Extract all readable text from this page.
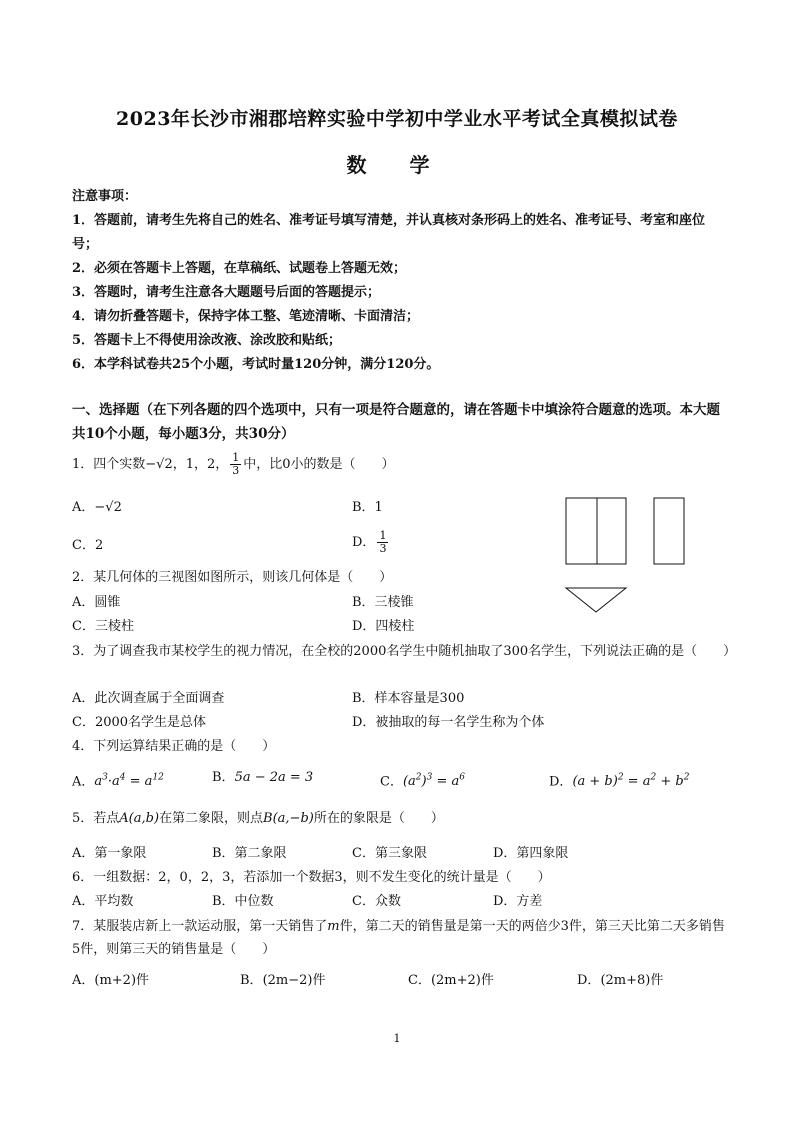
2023年长沙市湘郡培粹实验中学初中学业水平考试全真模拟试卷
数 学
注意事项：
1．答题前，请考生先将自己的姓名、准考证号填写清楚，并认真核对条形码上的姓名、准考证号、考室和座位号；
2．必须在答题卡上答题，在草稿纸、试题卷上答题无效；
3．答题时，请考生注意各大题题号后面的答题提示；
4．请勿折叠答题卡，保持字体工整、笔迹清晰、卡面清洁；
5．答题卡上不得使用涂改液、涂改胶和贴纸；
6．本学科试卷共25个小题，考试时量120分钟，满分120分。
一、选择题（在下列各题的四个选项中，只有一项是符合题意的，请在答题卡中填涂符合题意的选项。本大题共10个小题，每小题3分，共30分）
1．四个实数−√2，1，2， $\frac{1}{3}$ 中，比0小的数是（　　）
A．−√2	B．1
C．2	D． $\frac{1}{3}$
2．某几何体的三视图如图所示，则该几何体是（　　）
A．圆锥	B．三棱锥
C．三棱柱	D．四棱柱
3．为了调查我市某校学生的视力情况，在全校的2000名学生中随机抽取了300名学生，下列说法正确的是（　　）
A．此次调查属于全面调查	B．样本容量是300
C．2000名学生是总体	D．被抽取的每一名学生称为个体
4．下列运算结果正确的是（　　）
A．$a^3\cdot a^4 = a^{12}$	B．5a − 2a = 3	C．$(a^2)^3 = a^6$	D．$(a + b)^2 = a^2 + b^2$
5．若点A(a,b)在第二象限，则点B(a,−b)所在的象限是（　　）
A．第一象限	B．第二象限	C．第三象限	D．第四象限
6．一组数据：2，0，2，3，若添加一个数据3，则不发生变化的统计量是（　　）
A．平均数	B．中位数	C．众数	D．方差
7．某服装店新上一款运动服，第一天销售了m件，第二天的销售量是第一天的两倍少3件，第三天比第二天多销售5件，则第三天的销售量是（　　）
A．(m+2)件	B．(2m−2)件	C．(2m+2)件	D．(2m+8)件
1
